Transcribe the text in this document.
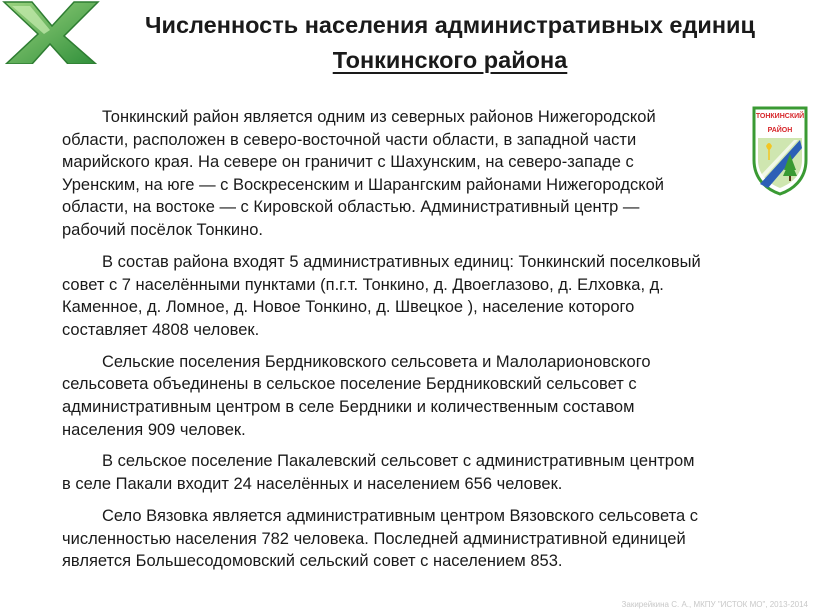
Численность населения административных единиц
Тонкинского района
ТОНКИНСКИЙ
РАЙОН

Тонкинский район является одним из северных районов Нижегородской
области, расположен в северо-восточной части области, в западной части
марийского края. На севере он граничит с Шахунским, на северо-западе с
Уренским, на юге — с Воскресенским и Шарангским районами Нижегородской
области, на востоке — с Кировской областью. Административный центр —
рабочий посёлок Тонкино.

В состав района входят 5 административных единиц: Тонкинский поселковый
совет с 7 населёнными пунктами (п.г.т. Тонкино, д. Двоеглазово, д. Елховка, д.
Каменное, д. Ломное, д. Новое Тонкино, д. Швецкое ), население которого
составляет 4808 человек.

Сельские поселения Бердниковского сельсовета и Малоларионовского
сельсовета объединены в сельское поселение Бердниковский сельсовет с
административным центром в селе Бердники и количественным составом
населения 909 человек.

В сельское поселение Пакалевский сельсовет с административным центром
в селе Пакали входит 24 населённых и населением 656 человек.

Село Вязовка является административным центром Вязовского сельсовета с
численностью населения 782 человека. Последней административной единицей
является Большесодомовский сельский совет с населением 853.

Закирейкина С. А., МКПУ "ИСТОК МО", 2013-2014
